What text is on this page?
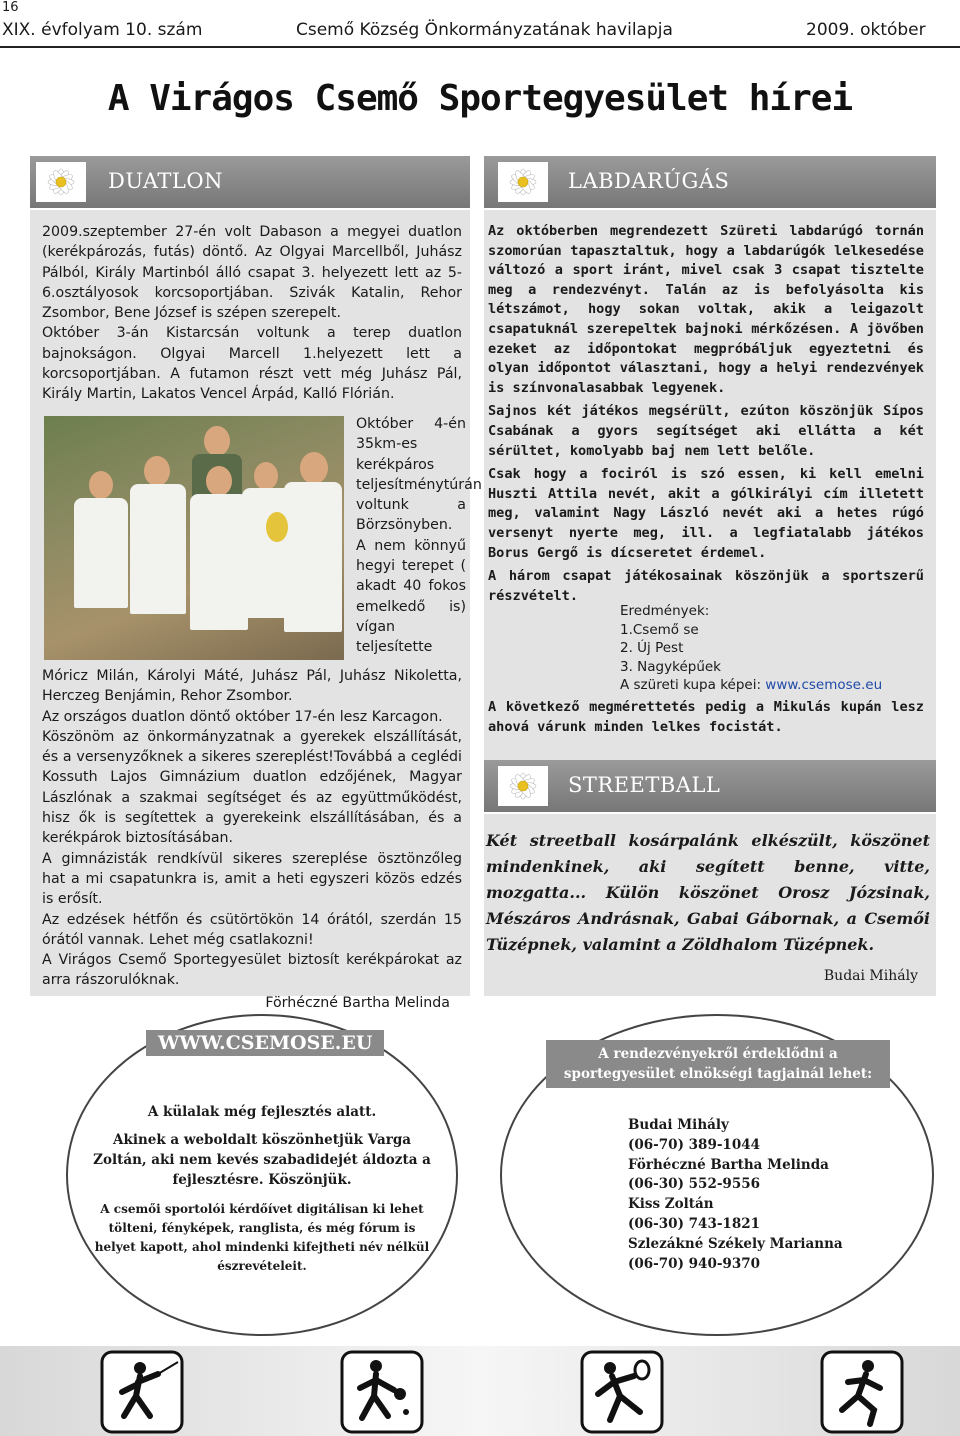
16
XIX. évfolyam 10. szám	Csemő Község Önkormányzatának havilapja	2009. október
A Virágos Csemő Sportegyesület hírei
DUATLON

2009.szeptember 27-én volt Dabason a megyei duatlon (kerékpározás, futás) döntő. Az Olgyai Marcellből, Juhász Pálból, Király Martinból álló csapat 3. helyezett lett az 5-6.osztályosok korcsoportjában. Szivák Katalin, Rehor Zsombor, Bene József is szépen szerepelt.

Október 3-án Kistarcsán voltunk a terep duatlon bajnokságon. Olgyai Marcell 1.helyezett lett a korcsoportjában. A futamon részt vett még Juhász Pál, Király Martin, Lakatos Vencel Árpád, Kalló Flórián.

Október 4-én 35km-es kerékpáros teljesítménytúrán voltunk a Börzsönyben. A nem könnyű hegyi terepet ( akadt 40 fokos emelkedő is) vígan teljesítette

Móricz Milán, Károlyi Máté, Juhász Pál, Juhász Nikoletta, Herczeg Benjámin, Rehor Zsombor.

Az országos duatlon döntő október 17-én lesz Karcagon.

Köszönöm az önkormányzatnak a gyerekek elszállítását, és a versenyzőknek a sikeres szereplést!Továbbá a ceglédi Kossuth Lajos Gimnázium duatlon edzőjének, Magyar Lászlónak a szakmai segítséget és az együttműködést, hisz ők is segítettek a gyerekeink elszállításában, és a kerékpárok biztosításában.

A gimnázisták rendkívül sikeres szereplése ösztönzőleg hat a mi csapatunkra is, amit a heti egyszeri közös edzés is erősít.

Az edzések hétfőn és csütörtökön 14 órától, szerdán 15 órától vannak. Lehet még csatlakozni!

A Virágos Csemő Sportegyesület biztosít kerékpárokat az arra rászorulóknak.

Förhéczné Bartha Melinda

LABDARÚGÁS

Az októberben megrendezett Szüreti labdarúgó tornán szomorúan tapasztaltuk, hogy a labdarúgók lelkesedése változó a sport iránt, mivel csak 3 csapat tisztelte meg a rendezvényt. Talán az is befolyásolta kis létszámot, hogy sokan voltak, akik a leigazolt csapatuknál szerepeltek bajnoki mérkőzésen. A jövőben ezeket az időpontokat megpróbáljuk egyeztetni és olyan időpontot választani, hogy a helyi rendezvények is színvonalasabbak legyenek.

Sajnos két játékos megsérült, ezúton köszönjük Sípos Csabának a gyors segítséget aki ellátta a két sérültet, komolyabb baj nem lett belőle.

Csak hogy a fociról is szó essen, ki kell emelni Huszti Attila nevét, akit a gólkirályi cím illetett meg, valamint Nagy László nevét aki a hetes rúgó versenyt nyerte meg, ill. a legfiatalabb játékos Borus Gergő is dícseretet érdemel.

A három csapat játékosainak köszönjük a sportszerű részvételt.

Eredmények:
1.Csemő se
2. Új Pest
3. Nagyképűek
A szüreti kupa képei: www.csemose.eu
A következő megmérettetés pedig a Mikulás kupán lesz ahová várunk minden lelkes focistát.
STREETBALL
Két streetball kosárpalánk elkészült, köszönet mindenkinek, aki segített benne, vitte, mozgatta... Külön köszönet Orosz Józsinak, Mészáros Andrásnak, Gabai Gábornak, a Csemői Tüzépnek, valamint a Zöldhalom Tüzépnek.
Budai Mihály
WWW.CSEMOSE.EU
A külalak még fejlesztés alatt.
Akinek a weboldalt köszönhetjük Varga Zoltán, aki nem kevés szabadidejét áldozta a fejlesztésre. Köszönjük.
A csemői sportolói kérdőívet digitálisan ki lehet tölteni, fényképek, ranglista, és még fórum is helyet kapott, ahol mindenki kifejtheti név nélkül észrevételeit.
A rendezvényekről érdeklődni a sportegyesület elnökségi tagjainál lehet:
Budai Mihály
(06-70) 389-1044
Förhéczné Bartha Melinda
(06-30) 552-9556
Kiss Zoltán
(06-30) 743-1821
Szlezákné Székely Marianna
(06-70) 940-9370
